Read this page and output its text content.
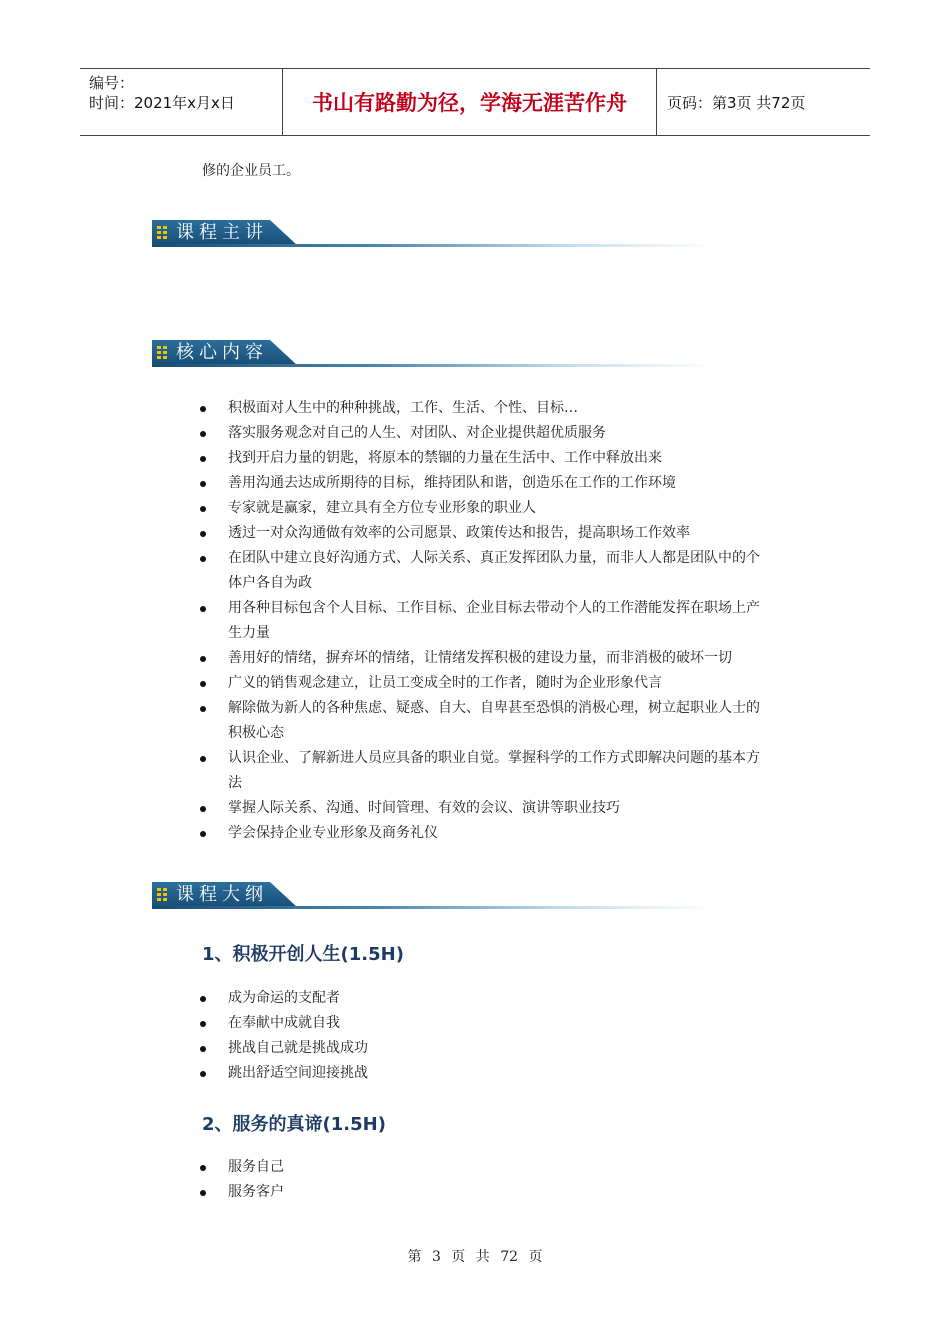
编号：
时间：2021年x月x日	书山有路勤为径，学海无涯苦作舟	页码：第3页 共72页
修的企业员工。
课程主讲
核心内容
积极面对人生中的种种挑战，工作、生活、个性、目标…
落实服务观念对自己的人生、对团队、对企业提供超优质服务
找到开启力量的钥匙，将原本的禁锢的力量在生活中、工作中释放出来
善用沟通去达成所期待的目标，维持团队和谐，创造乐在工作的工作环境
专家就是赢家，建立具有全方位专业形象的职业人
透过一对众沟通做有效率的公司愿景、政策传达和报告，提高职场工作效率
在团队中建立良好沟通方式、人际关系、真正发挥团队力量，而非人人都是团队中的个体户各自为政
用各种目标包含个人目标、工作目标、企业目标去带动个人的工作潜能发挥在职场上产生力量
善用好的情绪，摒弃坏的情绪，让情绪发挥积极的建设力量，而非消极的破坏一切
广义的销售观念建立，让员工变成全时的工作者，随时为企业形象代言
解除做为新人的各种焦虑、疑惑、自大、自卑甚至恐惧的消极心理，树立起职业人士的积极心态
认识企业、了解新进人员应具备的职业自觉。掌握科学的工作方式即解决问题的基本方法
掌握人际关系、沟通、时间管理、有效的会议、演讲等职业技巧
学会保持企业专业形象及商务礼仪
课程大纲
1、积极开创人生(1.5H)
成为命运的支配者
在奉献中成就自我
挑战自己就是挑战成功
跳出舒适空间迎接挑战
2、服务的真谛(1.5H)
服务自己
服务客户
第 3 页 共 72 页
